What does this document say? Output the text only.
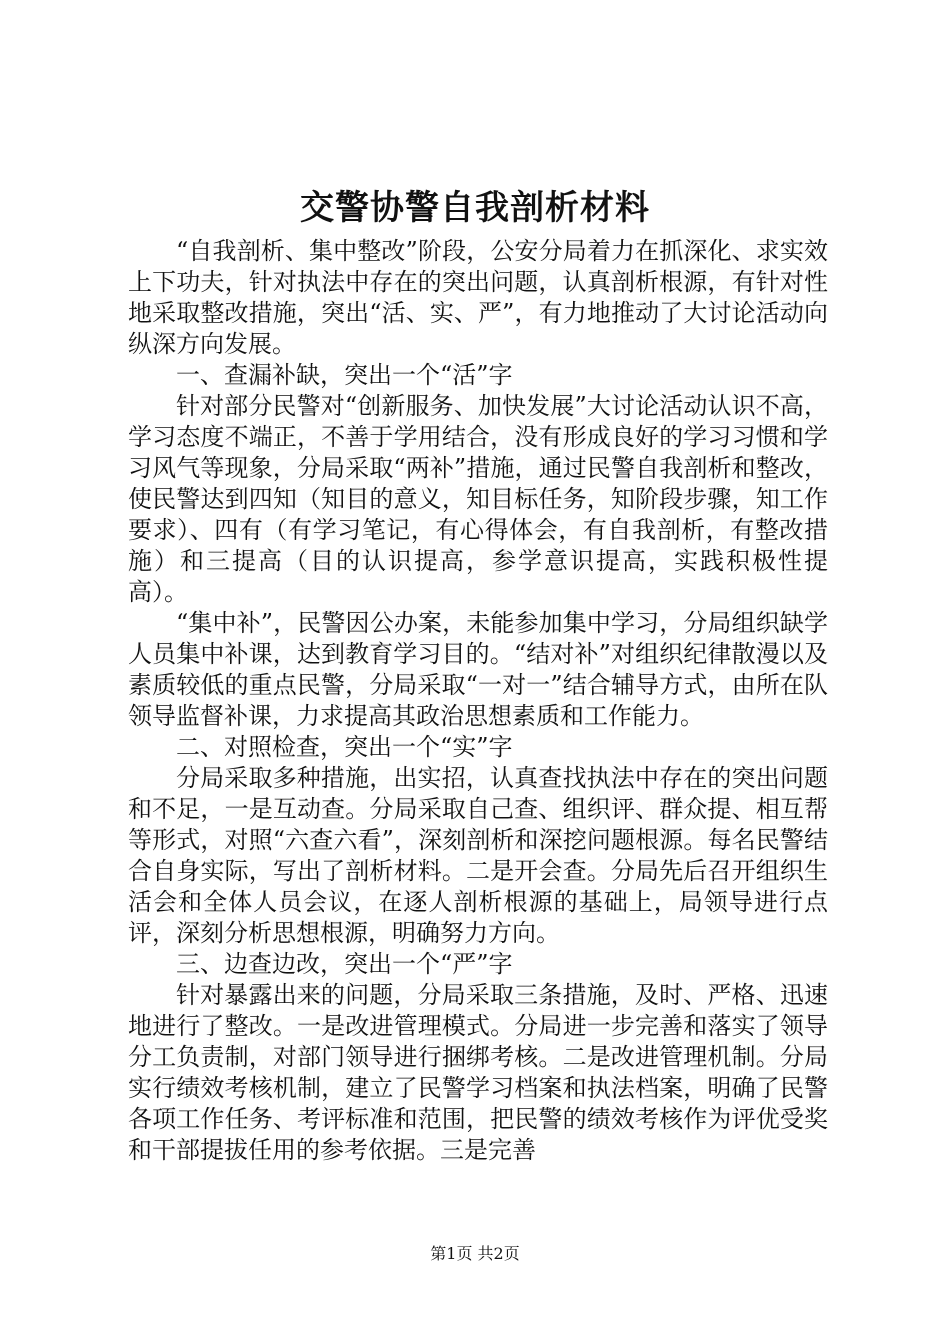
交警协警自我剖析材料

“自我剖析、集中整改”阶段，公安分局着力在抓深化、求实效上下功夫，针对执法中存在的突出问题，认真剖析根源，有针对性地采取整改措施，突出“活、实、严”，有力地推动了大讨论活动向纵深方向发展。

一、查漏补缺，突出一个“活”字

针对部分民警对“创新服务、加快发展”大讨论活动认识不高，学习态度不端正，不善于学用结合，没有形成良好的学习习惯和学习风气等现象，分局采取“两补”措施，通过民警自我剖析和整改，使民警达到四知（知目的意义，知目标任务，知阶段步骤，知工作要求）、四有（有学习笔记，有心得体会，有自我剖析，有整改措施）和三提高（目的认识提高，参学意识提高，实践积极性提高）。

“集中补”，民警因公办案，未能参加集中学习，分局组织缺学人员集中补课，达到教育学习目的。“结对补”对组织纪律散漫以及素质较低的重点民警，分局采取“一对一”结合辅导方式，由所在队领导监督补课，力求提高其政治思想素质和工作能力。

二、对照检查，突出一个“实”字

分局采取多种措施，出实招，认真查找执法中存在的突出问题和不足，一是互动查。分局采取自己查、组织评、群众提、相互帮等形式，对照“六查六看”，深刻剖析和深挖问题根源。每名民警结合自身实际，写出了剖析材料。二是开会查。分局先后召开组织生活会和全体人员会议，在逐人剖析根源的基础上，局领导进行点评，深刻分析思想根源，明确努力方向。

三、边查边改，突出一个“严”字

针对暴露出来的问题，分局采取三条措施，及时、严格、迅速地进行了整改。一是改进管理模式。分局进一步完善和落实了领导分工负责制，对部门领导进行捆绑考核。二是改进管理机制。分局实行绩效考核机制，建立了民警学习档案和执法档案，明确了民警各项工作任务、考评标准和范围，把民警的绩效考核作为评优受奖和干部提拔任用的参考依据。三是完善

第1页 共2页
